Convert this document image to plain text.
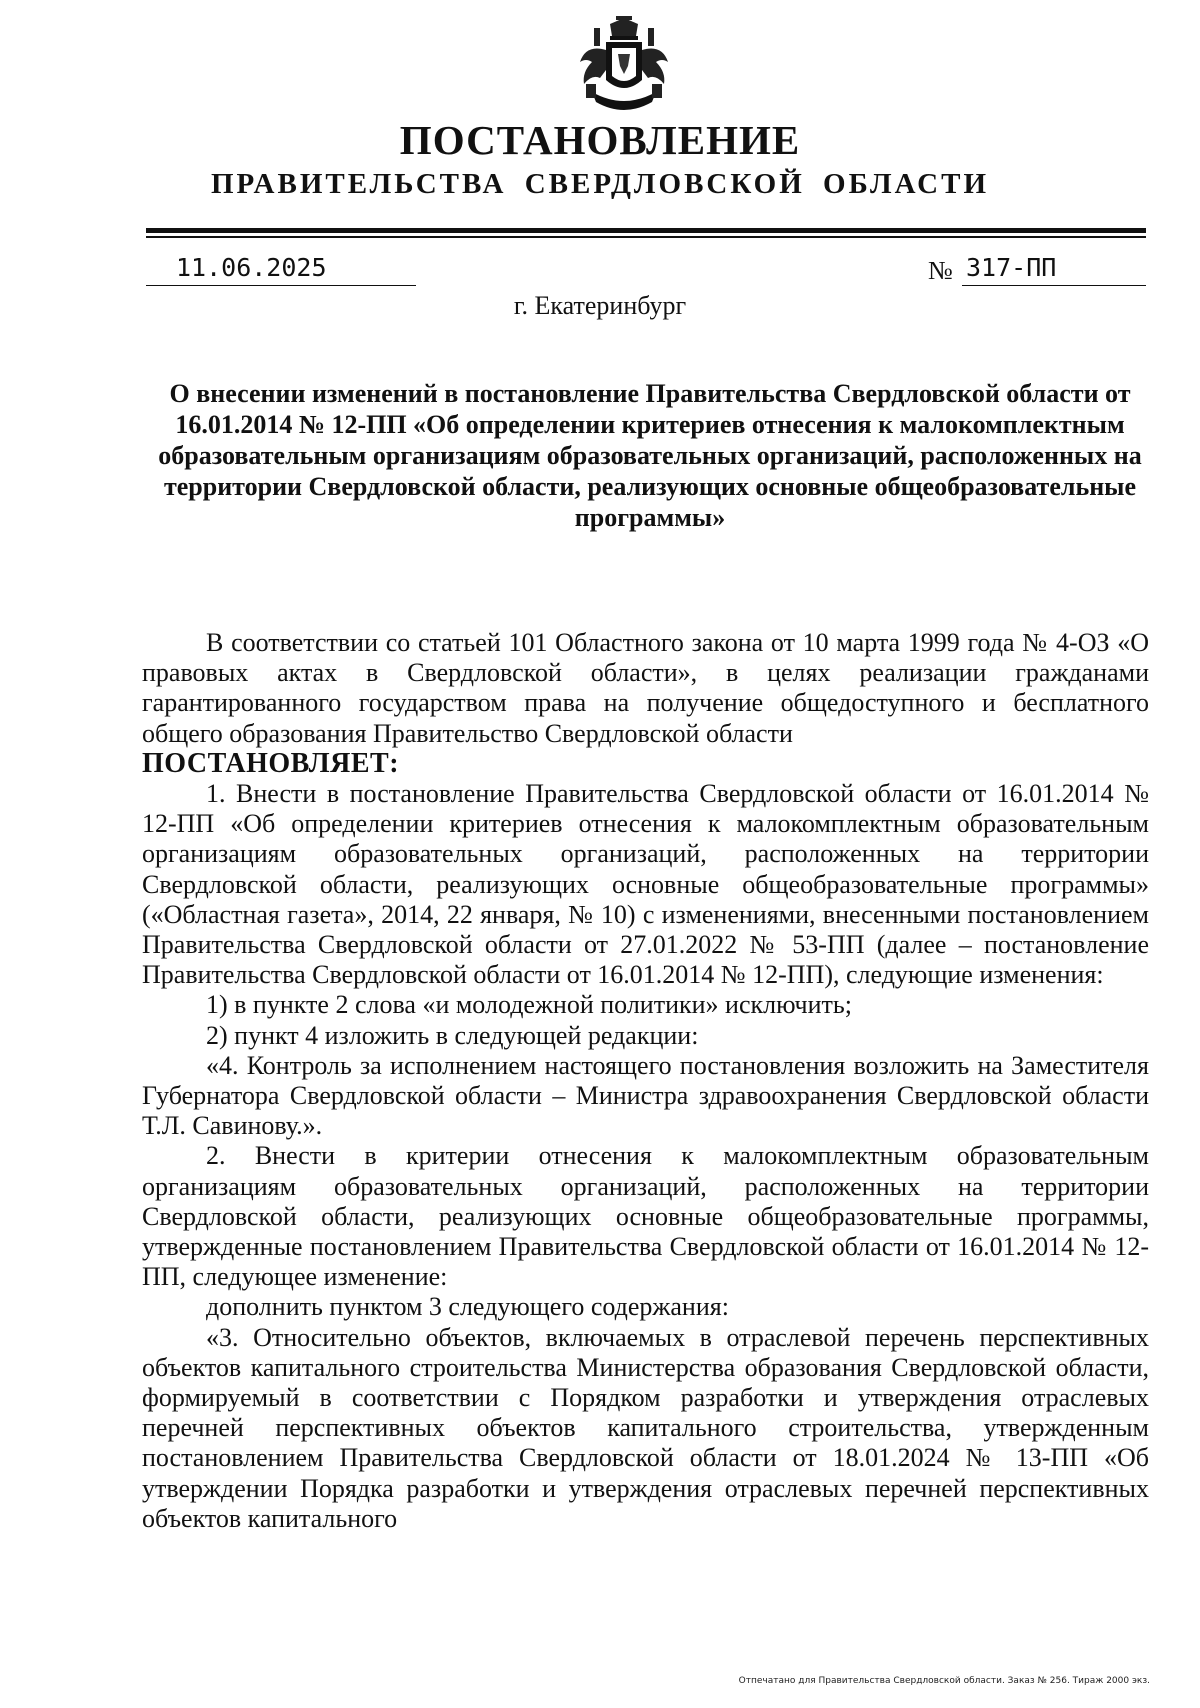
ПОСТАНОВЛЕНИЕ
ПРАВИТЕЛЬСТВА СВЕРДЛОВСКОЙ ОБЛАСТИ
11.06.2025	№ 317-ПП
г. Екатеринбург
О внесении изменений в постановление Правительства Свердловской области от 16.01.2014 № 12-ПП «Об определении критериев отнесения к малокомплектным образовательным организациям образовательных организаций, расположенных на территории Свердловской области, реализующих основные общеобразовательные программы»

В соответствии со статьей 101 Областного закона от 10 марта 1999 года № 4-ОЗ «О правовых актах в Свердловской области», в целях реализации гражданами гарантированного государством права на получение общедоступного и бесплатного общего образования Правительство Свердловской области

ПОСТАНОВЛЯЕТ:

1. Внести в постановление Правительства Свердловской области от 16.01.2014 № 12-ПП «Об определении критериев отнесения к малокомплектным образовательным организациям образовательных организаций, расположенных на территории Свердловской области, реализующих основные общеобразовательные программы» («Областная газета», 2014, 22 января, № 10) с изменениями, внесенными постановлением Правительства Свердловской области от 27.01.2022 № 53-ПП (далее – постановление Правительства Свердловской области от 16.01.2014 № 12-ПП), следующие изменения:

1) в пункте 2 слова «и молодежной политики» исключить;

2) пункт 4 изложить в следующей редакции:

«4. Контроль за исполнением настоящего постановления возложить на Заместителя Губернатора Свердловской области – Министра здравоохранения Свердловской области Т.Л. Савинову.».

2. Внести в критерии отнесения к малокомплектным образовательным организациям образовательных организаций, расположенных на территории Свердловской области, реализующих основные общеобразовательные программы, утвержденные постановлением Правительства Свердловской области от 16.01.2014 № 12-ПП, следующее изменение:

дополнить пунктом 3 следующего содержания:

«3. Относительно объектов, включаемых в отраслевой перечень перспективных объектов капитального строительства Министерства образования Свердловской области, формируемый в соответствии с Порядком разработки и утверждения отраслевых перечней перспективных объектов капитального строительства, утвержденным постановлением Правительства Свердловской области от 18.01.2024 № 13-ПП «Об утверждении Порядка разработки и утверждения отраслевых перечней перспективных объектов капитального

Отпечатано для Правительства Свердловской области. Заказ № 256. Тираж 2000 экз.
